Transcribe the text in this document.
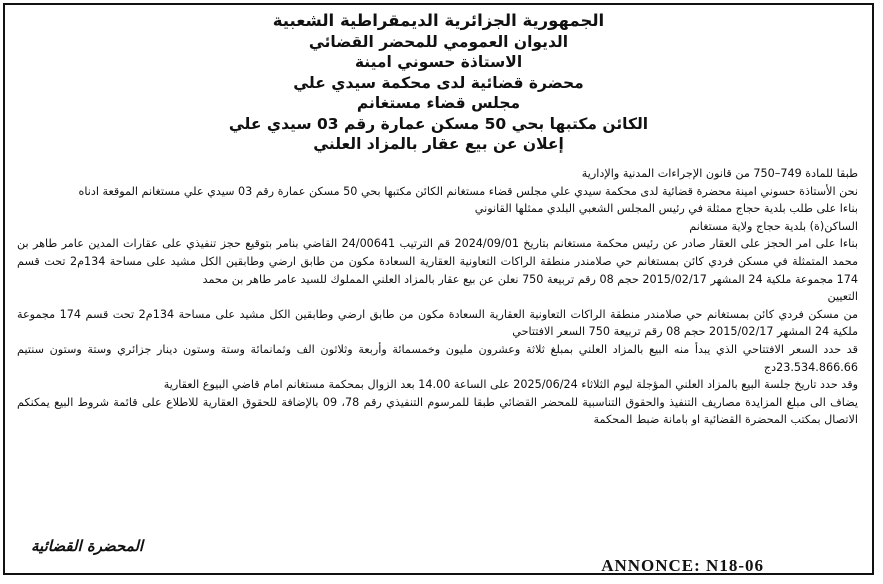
الجمهورية الجزائرية الديمقراطية الشعبية
الديوان العمومي للمحضر القضائي
الاستاذة حسوني امينة
محضرة قضائية لدى محكمة سيدي علي
مجلس قضاء مستغانم
الكائن مكتبها بحي 50 مسكن عمارة رقم 03 سيدي علي
إعلان عن بيع عقار بالمزاد العلني

طبقا للمادة 749–750 من قانون الإجراءات المدنية والإدارية

نحن الأستاذة حسوني امينة محضرة قضائية لدى محكمة سيدي علي مجلس قضاء مستغانم الكائن مكتبها بحي 50 مسكن عمارة رقم 03 سيدي علي مستغانم الموقعة ادناه

بناءا على طلب بلدية حجاج ممثلة في رئيس المجلس الشعبي البلدي ممثلها القانوني

الساكن(ة) بلدية حجاج ولاية مستغانم

بناءا على امر الحجز على العقار صادر عن رئيس محكمة مستغانم بتاريخ 2024/09/01 قم الترتيب 24/00641 القاضي بنامر بتوقيع حجز تنفيذي على عقارات المدين عامر طاهر بن محمد المتمثلة في مسكن فردي كائن بمستغانم حي صلامندر منطقة الراكات التعاونية العقارية السعادة مكون من طابق ارضي وطابقين الكل مشيد على مساحة 134م2 تحت قسم 174 مجموعة ملكية 24 المشهر 2015/02/17 حجم 08 رقم تربيعة 750 نعلن عن بيع عقار بالمزاد العلني المملوك للسيد عامر طاهر بن محمد

التعيين

من مسكن فردي كائن بمستغانم حي صلامندر منطقة الراكات التعاونية العقارية السعادة مكون من طابق ارضي وطابقين الكل مشيد على مساحة 134م2 تحت قسم 174 مجموعة ملكية 24 المشهر 2015/02/17 حجم 08 رقم تربيعة 750 السعر الافتتاحي

قد حدد السعر الافتتاحي الذي يبدأ منه البيع بالمزاد العلني بمبلغ ثلاثة وعشرون مليون وخمسمائة وأربعة وثلاثون الف وثمانمائة وستة وستون دينار جزائري وستة وستون سنتيم 23.534.866.66دج

وقد حدد تاريخ جلسة البيع بالمزاد العلني المؤجلة ليوم الثلاثاء 2025/06/24 على الساعة 14.00 بعد الزوال بمحكمة مستغانم امام قاضي البيوع العقارية

يضاف الى مبلغ المزايدة مصاريف التنفيذ والحقوق التناسبية للمحضر القضائي طبقا للمرسوم التنفيذي رقم 78، 09 بالإضافة للحقوق العقارية للاطلاع على قائمة شروط البيع يمكنكم الاتصال بمكتب المحضرة القضائية او بامانة ضبط المحكمة

المحضرة القضائية
ANNONCE: N18-06
